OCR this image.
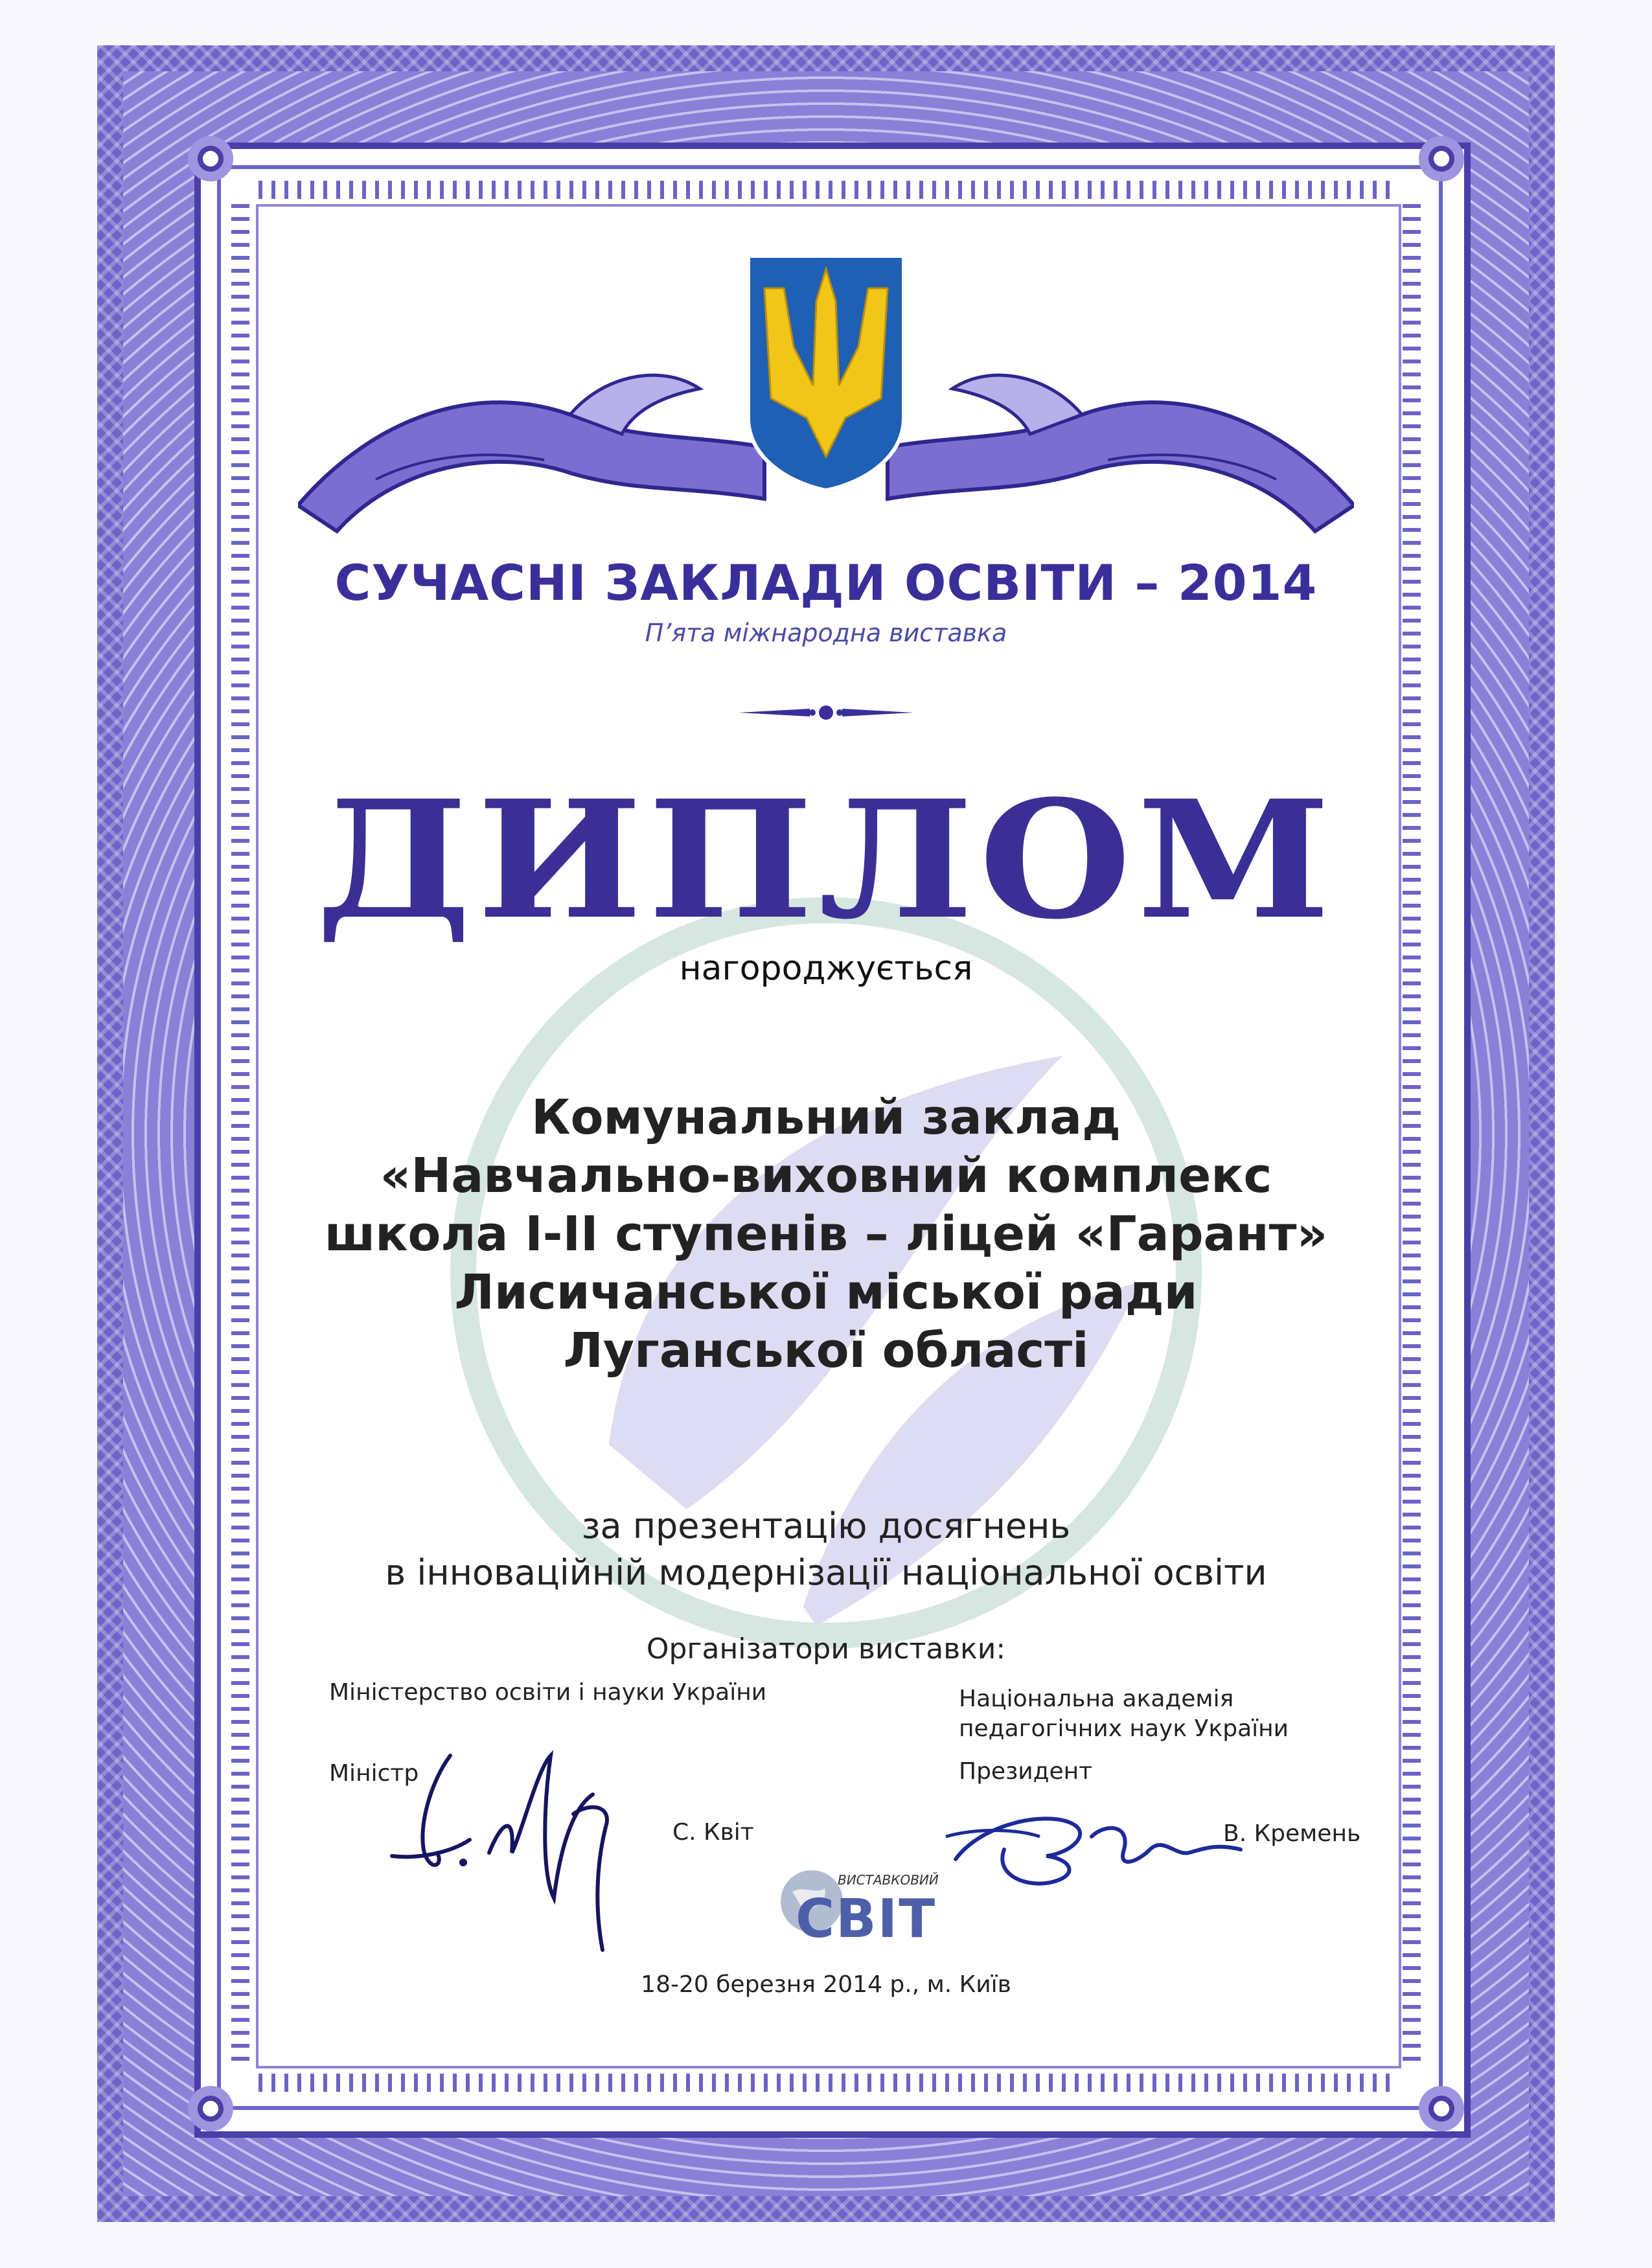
СУЧАСНІ ЗАКЛАДИ ОСВІТИ – 2014
П’ята міжнародна виставка
ДИПЛОМ
нагороджується
Комунальний заклад
«Навчально-виховний комплекс
школа І-ІІ ступенів – ліцей «Гарант»
Лисичанської міської ради
Луганської області
за презентацію досягнень
в інноваційній модернізації національної освіти
Організатори виставки:
Міністерство освіти і науки України
Міністр
С. Квіт
Національна академія
педагогічних наук України
Президент
В. Кремень
ВИСТАВКОВИЙ
СВІТ
18-20 березня 2014 р., м. Київ
